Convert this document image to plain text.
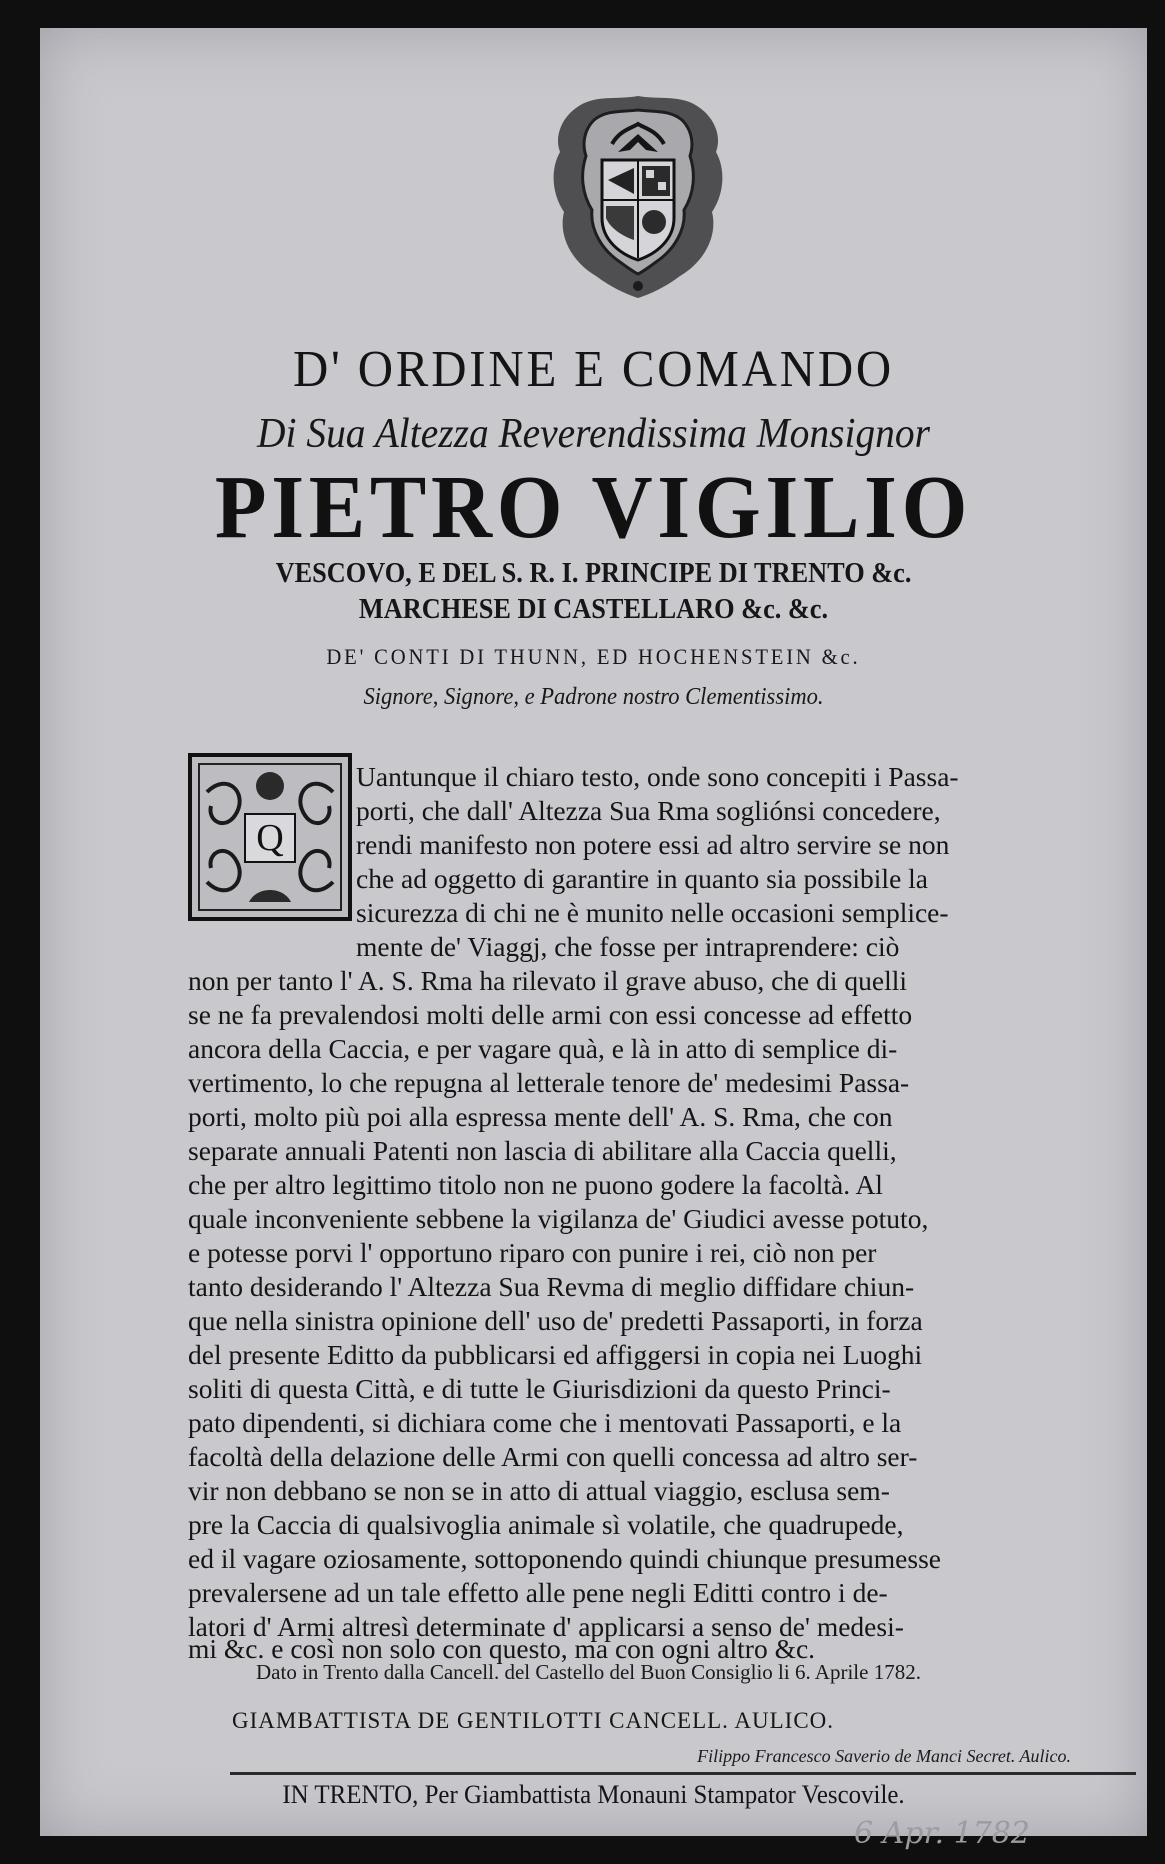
D' ORDINE E COMANDO
Di Sua Altezza Reverendissima Monsignor
PIETRO VIGILIO
VESCOVO, E DEL S. R. I. PRINCIPE DI TRENTO &c.
MARCHESE DI CASTELLARO &c. &c.
DE' CONTI DI THUNN, ED HOCHENSTEIN &c.
Signore, Signore, e Padrone nostro Clementissimo.
Q
Uantunque il chiaro testo, onde sono concepiti i Passa-
porti, che dall' Altezza Sua Rma sogliónsi concedere,
rendi manifesto non potere essi ad altro servire se non
che ad oggetto di garantire in quanto sia possibile la
sicurezza di chi ne è munito nelle occasioni semplice-
mente de' Viaggj, che fosse per intraprendere: ciò
non per tanto l' A. S. Rma ha rilevato il grave abuso, che di quelli
se ne fa prevalendosi molti delle armi con essi concesse ad effetto
ancora della Caccia, e per vagare quà, e là in atto di semplice di-
vertimento, lo che repugna al letterale tenore de' medesimi Passa-
porti, molto più poi alla espressa mente dell' A. S. Rma, che con
separate annuali Patenti non lascia di abilitare alla Caccia quelli,
che per altro legittimo titolo non ne puono godere la facoltà. Al
quale inconveniente sebbene la vigilanza de' Giudici avesse potuto,
e potesse porvi l' opportuno riparo con punire i rei, ciò non per
tanto desiderando l' Altezza Sua Revma di meglio diffidare chiun-
que nella sinistra opinione dell' uso de' predetti Passaporti, in forza
del presente Editto da pubblicarsi ed affiggersi in copia nei Luoghi
soliti di questa Città, e di tutte le Giurisdizioni da questo Princi-
pato dipendenti, si dichiara come che i mentovati Passaporti, e la
facoltà della delazione delle Armi con quelli concessa ad altro ser-
vir non debbano se non se in atto di attual viaggio, esclusa sem-
pre la Caccia di qualsivoglia animale sì volatile, che quadrupede,
ed il vagare oziosamente, sottoponendo quindi chiunque presumesse
prevalersene ad un tale effetto alle pene negli Editti contro i de-
latori d' Armi altresì determinate d' applicarsi a senso de' medesi-
mi &c. e così non solo con questo, ma con ogni altro &c.
Dato in Trento dalla Cancell. del Castello del Buon Consiglio li 6. Aprile 1782.
GIAMBATTISTA DE GENTILOTTI CANCELL. AULICO.
Filippo Francesco Saverio de Manci Secret. Aulico.
IN TRENTO, Per Giambattista Monauni Stampator Vescovile.
6 Apr. 1782
